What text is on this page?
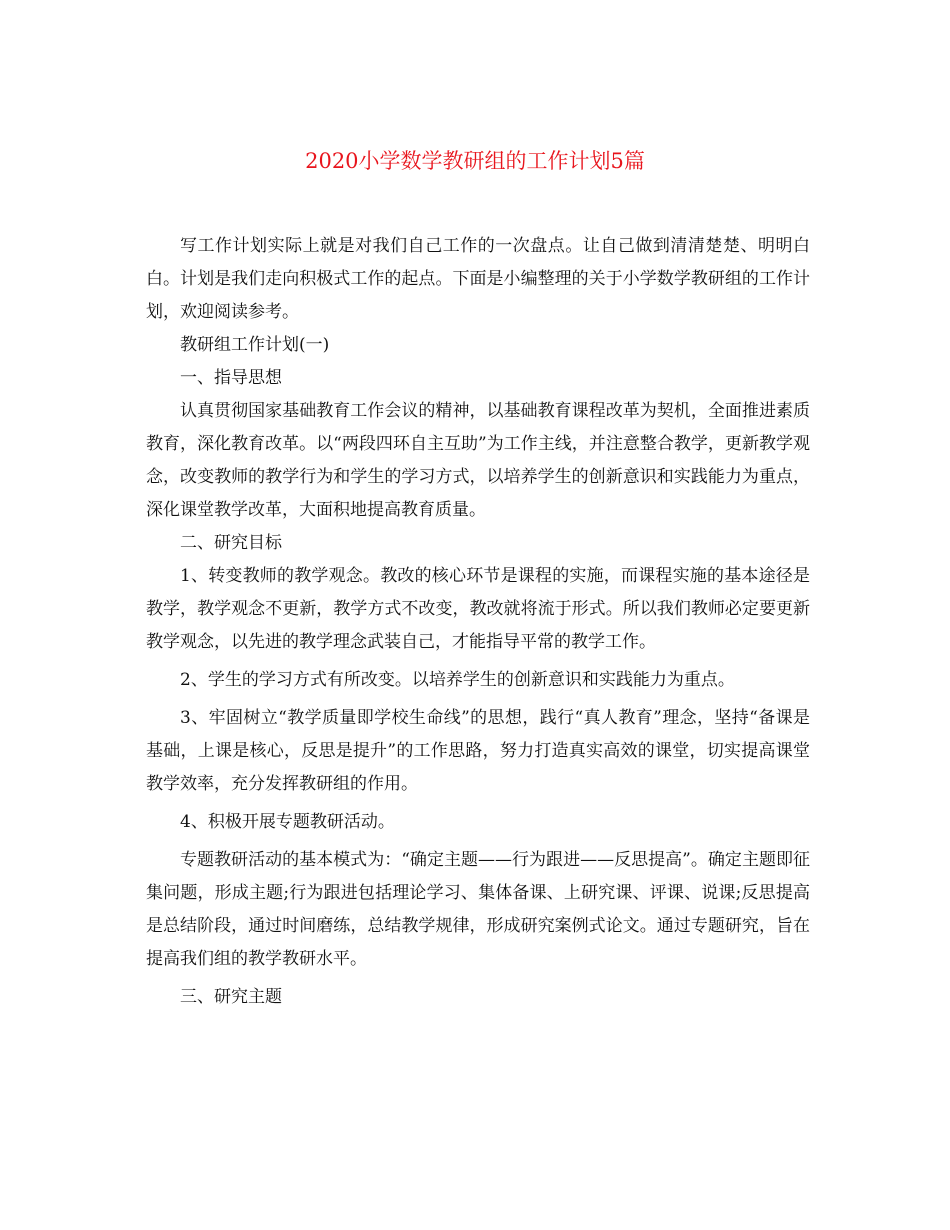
2020小学数学教研组的工作计划5篇

写工作计划实际上就是对我们自己工作的一次盘点。让自己做到清清楚楚、明明白白。计划是我们走向积极式工作的起点。下面是小编整理的关于小学数学教研组的工作计划，欢迎阅读参考。

教研组工作计划(一)

一、指导思想

认真贯彻国家基础教育工作会议的精神，以基础教育课程改革为契机，全面推进素质教育，深化教育改革。以“两段四环自主互助”为工作主线，并注意整合教学，更新教学观念，改变教师的教学行为和学生的学习方式，以培养学生的创新意识和实践能力为重点，深化课堂教学改革，大面积地提高教育质量。

二、研究目标

1、转变教师的教学观念。教改的核心环节是课程的实施，而课程实施的基本途径是教学，教学观念不更新，教学方式不改变，教改就将流于形式。所以我们教师必定要更新教学观念，以先进的教学理念武装自己，才能指导平常的教学工作。

2、学生的学习方式有所改变。以培养学生的创新意识和实践能力为重点。

3、牢固树立“教学质量即学校生命线”的思想，践行“真人教育”理念，坚持“备课是基础，上课是核心，反思是提升”的工作思路，努力打造真实高效的课堂，切实提高课堂教学效率，充分发挥教研组的作用。

4、积极开展专题教研活动。

专题教研活动的基本模式为：“确定主题——行为跟进——反思提高”。确定主题即征集问题，形成主题;行为跟进包括理论学习、集体备课、上研究课、评课、说课;反思提高是总结阶段，通过时间磨练，总结教学规律，形成研究案例式论文。通过专题研究，旨在提高我们组的教学教研水平。

三、研究主题
